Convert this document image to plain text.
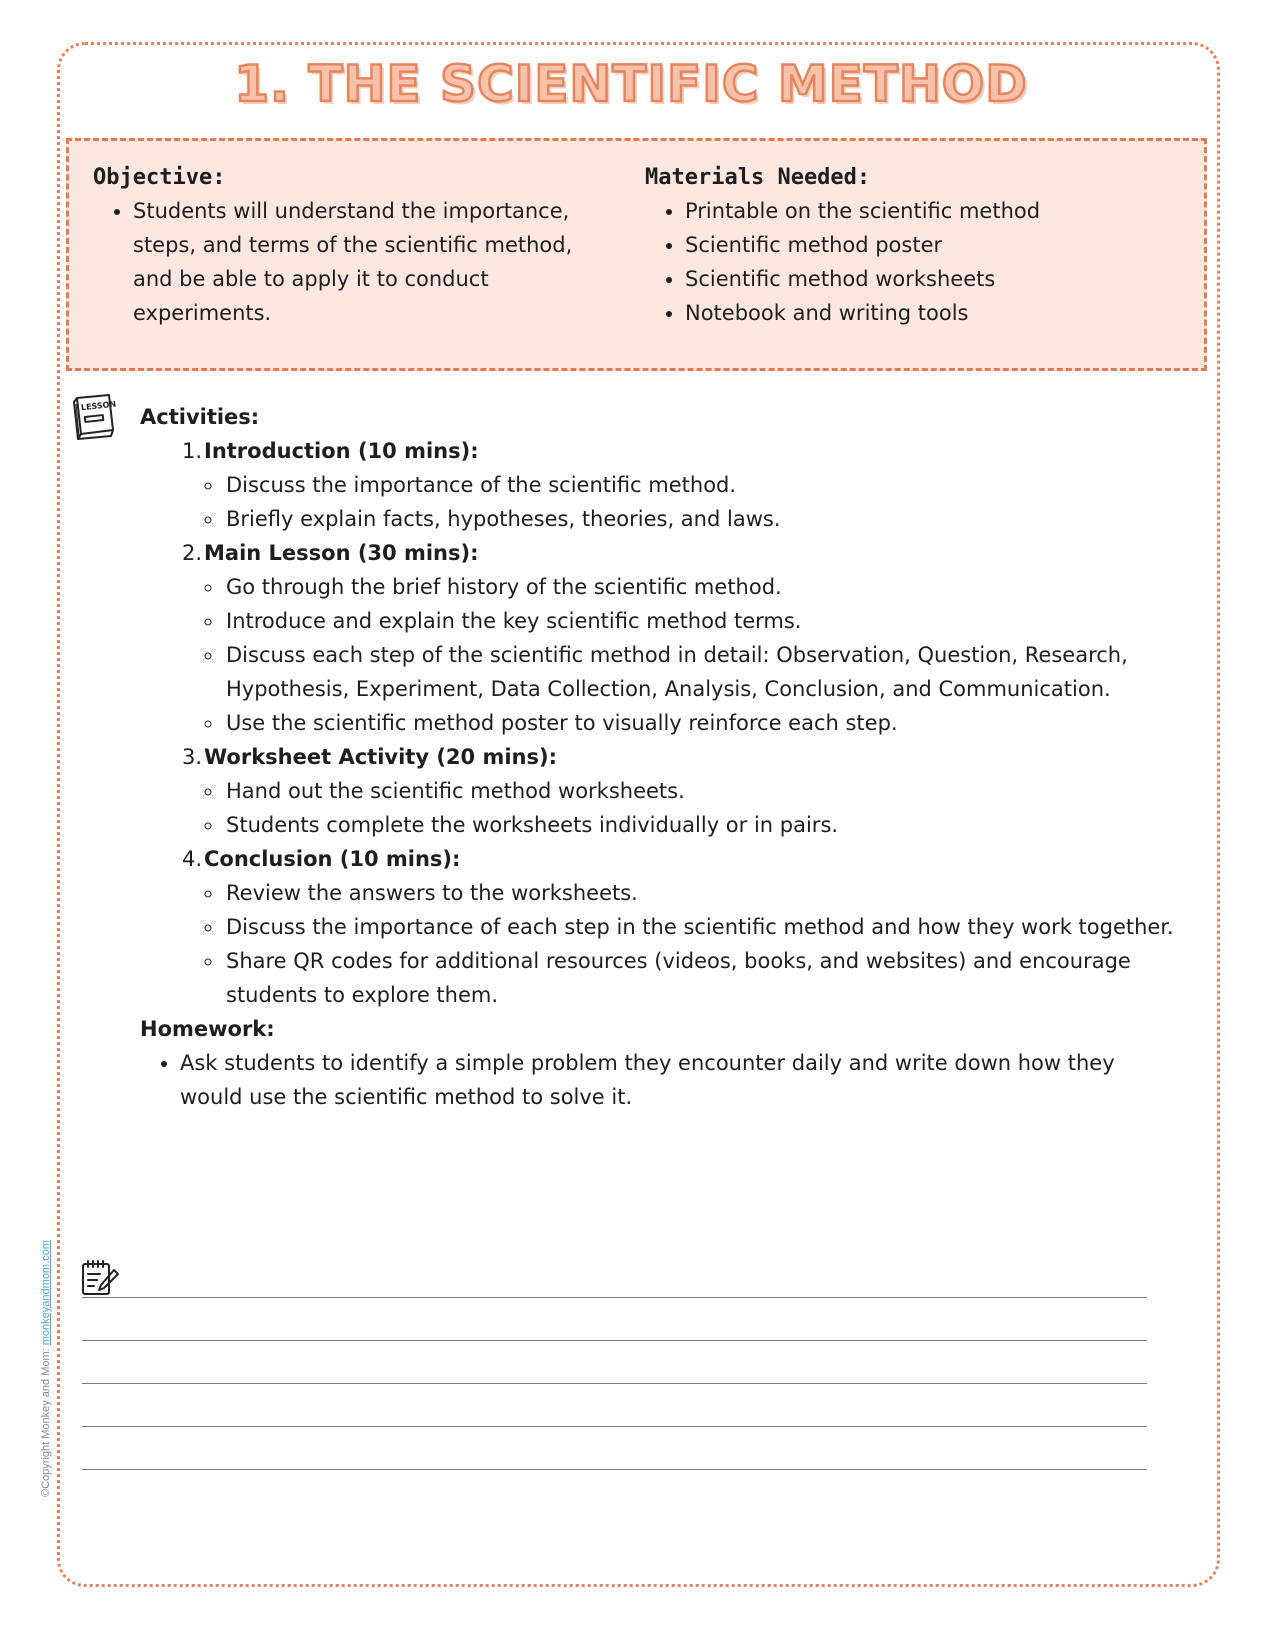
1. THE SCIENTIFIC METHOD

Objective:

• Students will understand the importance, steps, and terms of the scientific method, and be able to apply it to conduct experiments.

Materials Needed:

• Printable on the scientific method
• Scientific method poster
• Scientific method worksheets
• Notebook and writing tools
LESSON Activities:

1. Introduction (10 mins):
◦ Discuss the importance of the scientific method.
◦ Briefly explain facts, hypotheses, theories, and laws.
2. Main Lesson (30 mins):
◦ Go through the brief history of the scientific method.
◦ Introduce and explain the key scientific method terms.
◦ Discuss each step of the scientific method in detail: Observation, Question, Research, Hypothesis, Experiment, Data Collection, Analysis, Conclusion, and Communication.
◦ Use the scientific method poster to visually reinforce each step.
3. Worksheet Activity (20 mins):
◦ Hand out the scientific method worksheets.
◦ Students complete the worksheets individually or in pairs.
4. Conclusion (10 mins):
◦ Review the answers to the worksheets.
◦ Discuss the importance of each step in the scientific method and how they work together.
◦ Share QR codes for additional resources (videos, books, and websites) and encourage students to explore them.

Homework:

• Ask students to identify a simple problem they encounter daily and write down how they would use the scientific method to solve it.
©Copyright Monkey and Mom: monkeyandmom.com
